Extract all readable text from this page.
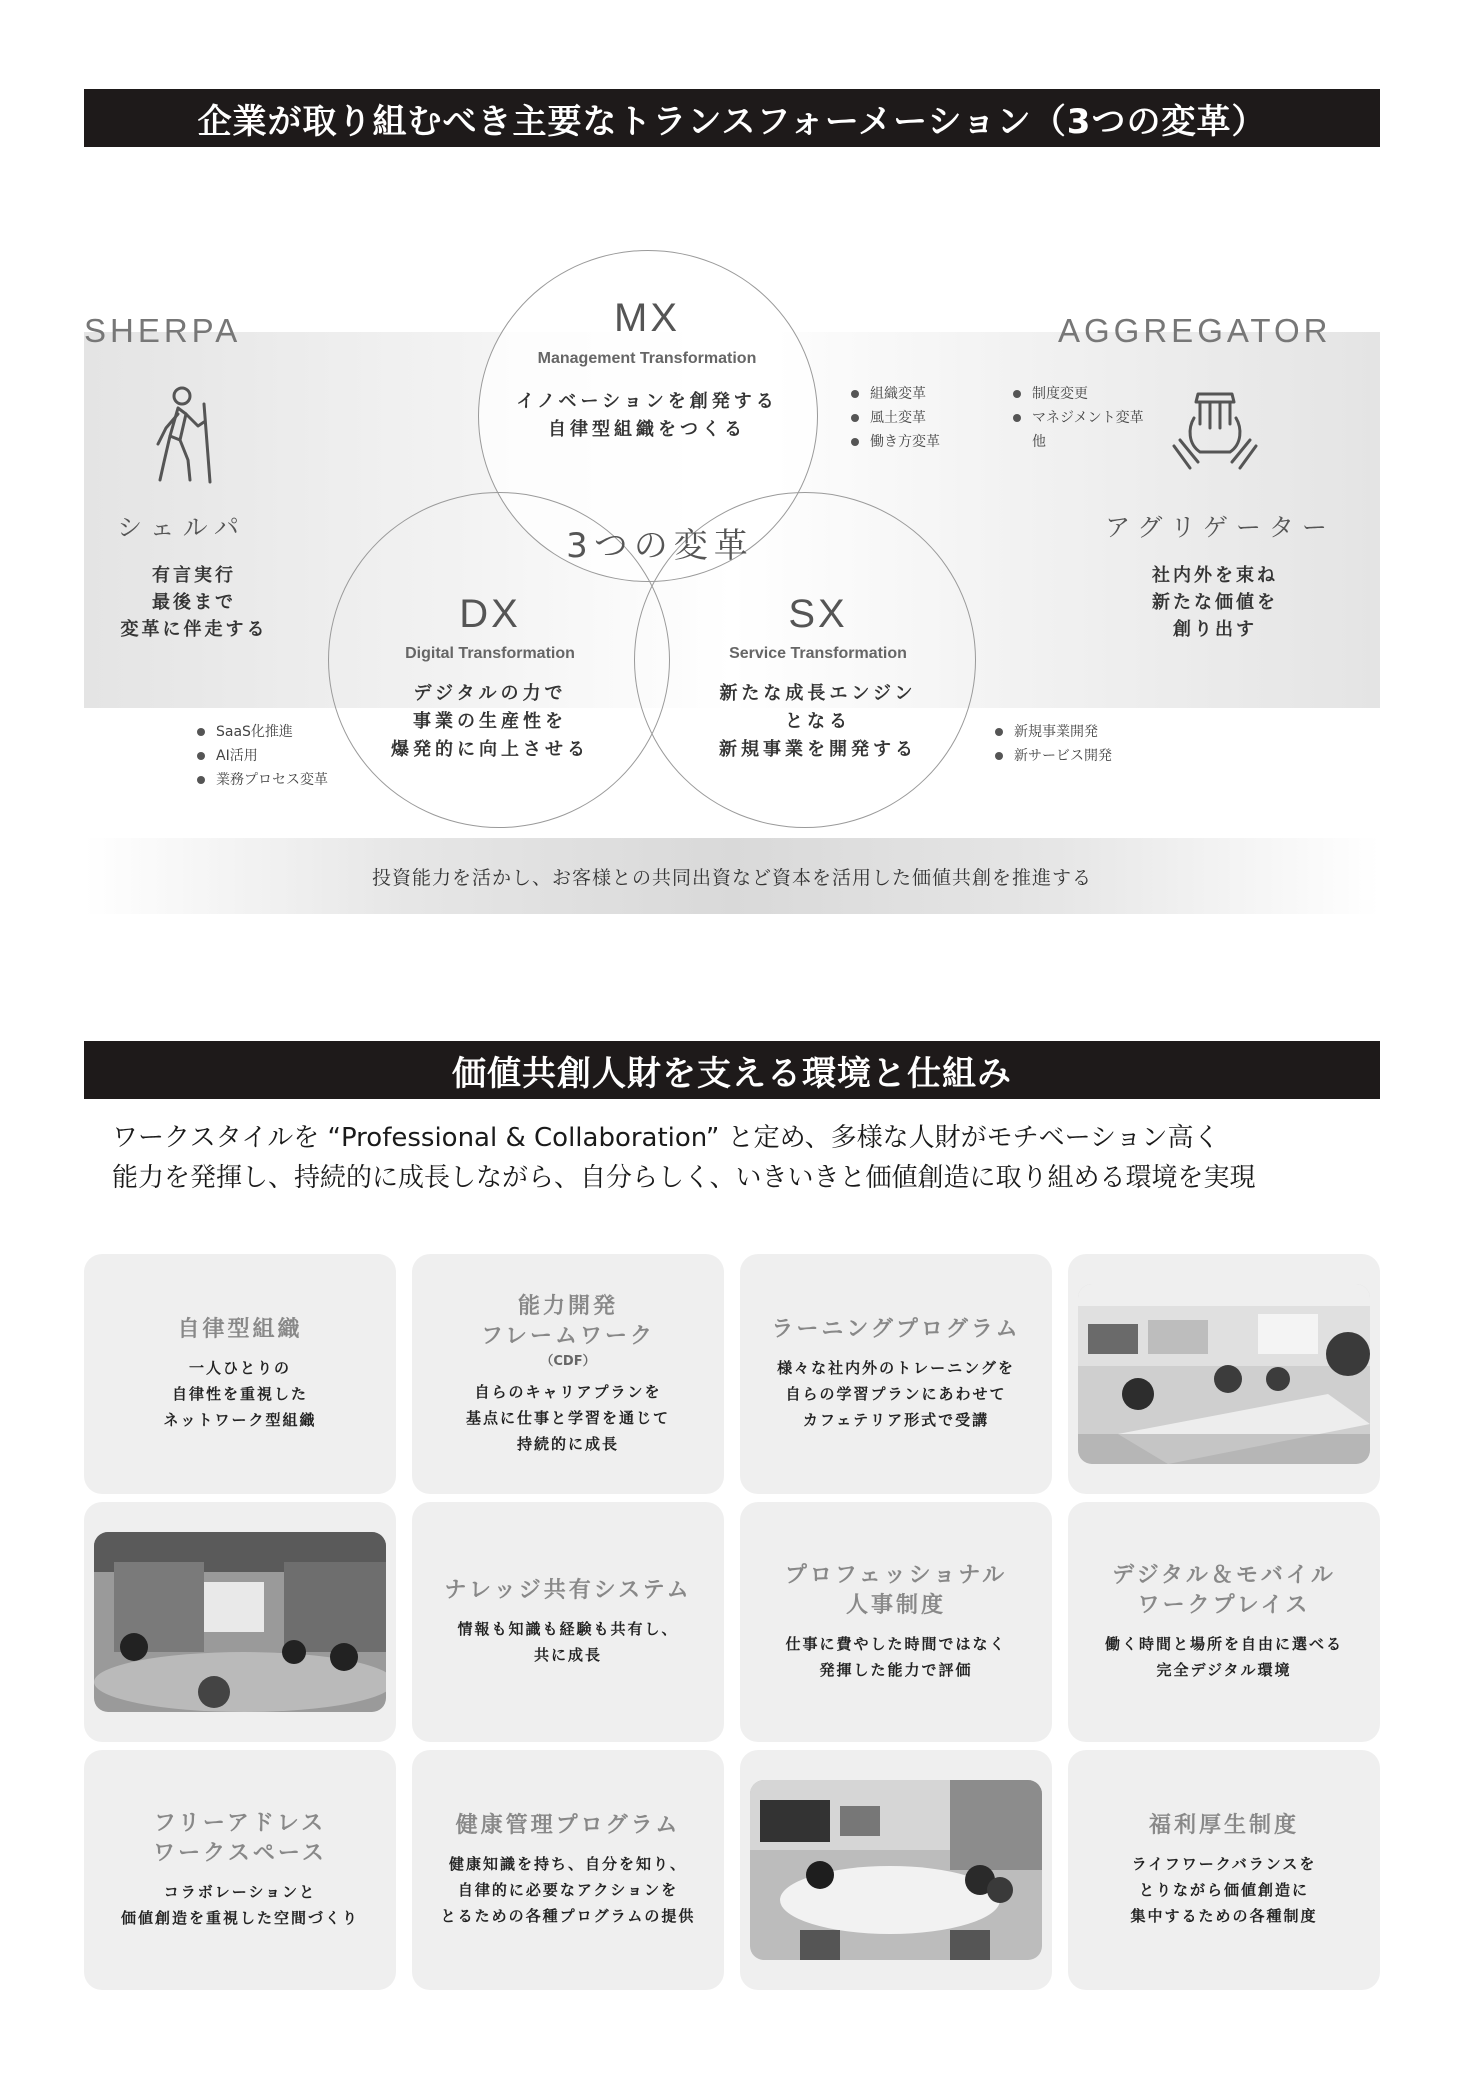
企業が取り組むべき主要なトランスフォーメーション（3つの変革）
SHERPA
シェルパ
有言実行
最後まで
変革に伴走する
AGGREGATOR
アグリゲーター
社内外を束ね
新たな価値を
創り出す
MX
Management Transformation
イノベーションを創発する
自律型組織をつくる
組織変革
風土変革
働き方変革
制度変更
マネジメント変革
他
3つの変革
DX
Digital Transformation
デジタルの力で
事業の生産性を
爆発的に向上させる
SaaS化推進
AI活用
業務プロセス変革
SX
Service Transformation
新たな成長エンジン
となる
新規事業を開発する
新規事業開発
新サービス開発
投資能力を活かし、お客様との共同出資など資本を活用した価値共創を推進する
価値共創人財を支える環境と仕組み
ワークスタイルを “Professional & Collaboration” と定め、多様な人財がモチベーション高く
能力を発揮し、持続的に成長しながら、自分らしく、いきいきと価値創造に取り組める環境を実現
自律型組織
一人ひとりの
自律性を重視した
ネットワーク型組織
能力開発
フレームワーク
（CDF）
自らのキャリアプランを
基点に仕事と学習を通じて
持続的に成長
ラーニングプログラム
様々な社内外のトレーニングを
自らの学習プランにあわせて
カフェテリア形式で受講
ナレッジ共有システム
情報も知識も経験も共有し、
共に成長
プロフェッショナル
人事制度
仕事に費やした時間ではなく
発揮した能力で評価
デジタル＆モバイル
ワークプレイス
働く時間と場所を自由に選べる
完全デジタル環境
フリーアドレス
ワークスペース
コラボレーションと
価値創造を重視した空間づくり
健康管理プログラム
健康知識を持ち、自分を知り、
自律的に必要なアクションを
とるための各種プログラムの提供
福利厚生制度
ライフワークバランスを
とりながら価値創造に
集中するための各種制度
